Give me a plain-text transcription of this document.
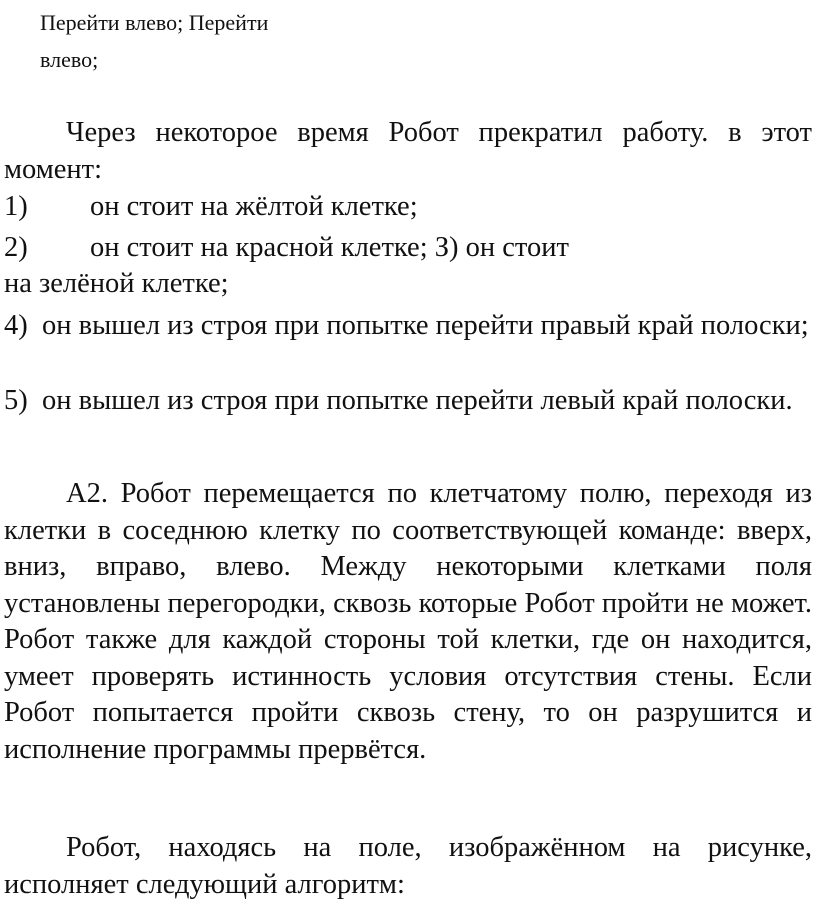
Перейти влево; Перейти
влево;
Через некоторое время Робот прекратил работу. в этот момент:
1) он стоит на жёлтой клетке;
2) он стоит на красной клетке; З) он стоит
на зелёной клетке;
4) он вышел из строя при попытке перейти правый край полоски;
5) он вышел из строя при попытке перейти левый край полоски.
А2. Робот перемещается по клетчатому полю, переходя из клетки в соседнюю клетку по соответствующей команде: вверх, вниз, вправо, влево. Между некоторыми клетками поля установлены перегородки, сквозь которые Робот пройти не может. Робот также для каждой стороны той клетки, где он находится, умеет проверять истинность условия отсутствия стены. Если Робот попытается пройти сквозь стену, то он разрушится и исполнение программы прервётся.
Робот, находясь на поле, изображённом на рисунке, исполняет следующий алгоритм:
